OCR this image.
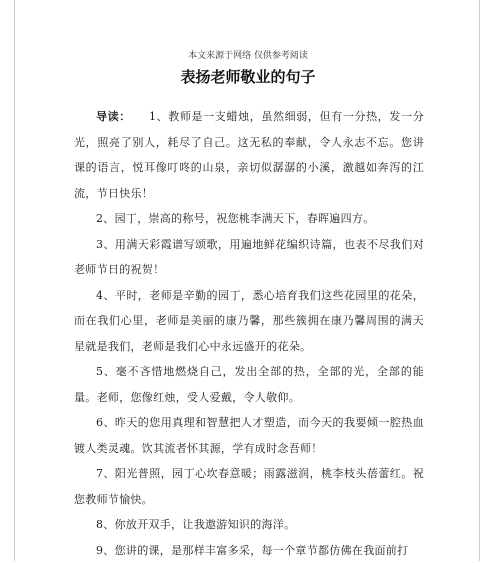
本文来源于网络 仅供参考阅读
表扬老师敬业的句子

导读： 1、教师是一支蜡烛，虽然细弱，但有一分热，发一分光，照亮了别人，耗尽了自己。这无私的奉献，令人永志不忘。您讲课的语言，悦耳像叮咚的山泉，亲切似潺潺的小溪，激越如奔泻的江流，节日快乐！

2、园丁，崇高的称号，祝您桃李满天下，春晖遍四方。

3、用满天彩霞谱写颂歌，用遍地鲜花编织诗篇，也表不尽我们对老师节日的祝贺！

4、平时，老师是辛勤的园丁，悉心培育我们这些花园里的花朵，而在我们心里，老师是美丽的康乃馨，那些簇拥在康乃馨周围的满天星就是我们，老师是我们心中永远盛开的花朵。

5、毫不吝惜地燃烧自己，发出全部的热，全部的光，全部的能量。老师，您像红烛，受人爱戴，令人敬仰。

6、昨天的您用真理和智慧把人才塑造，而今天的我要倾一腔热血镀人类灵魂。饮其流者怀其源，学有成时念吾师！

7、阳光普照，园丁心坎春意暖；雨露滋润，桃李枝头蓓蕾红。祝您教师节愉快。

8、你放开双手，让我遨游知识的海洋。

9、您讲的课，是那样丰富多采，每一个章节都仿佛在我面前打
